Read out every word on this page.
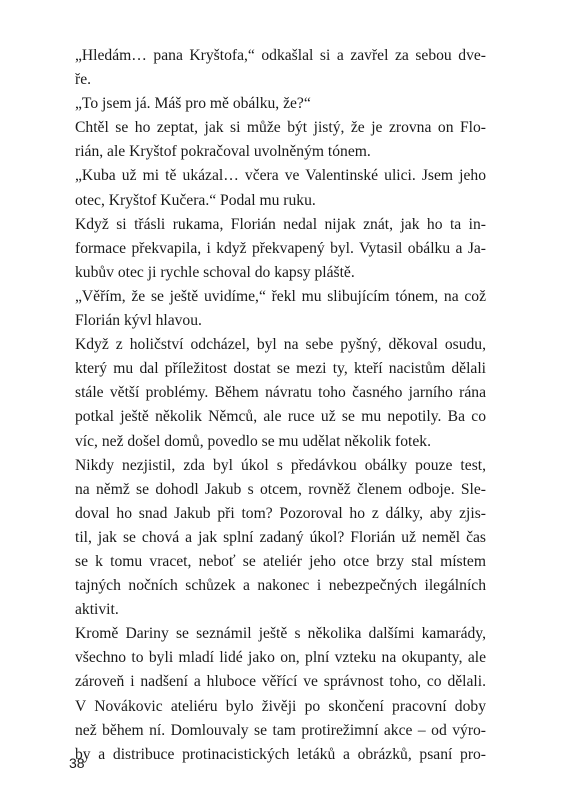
„Hledám… pana Kryštofa,“ odkašlal si a zavřel za sebou dve-
ře.
„To jsem já. Máš pro mě obálku, že?“
Chtěl se ho zeptat, jak si může být jistý, že je zrovna on Flo-
rián, ale Kryštof pokračoval uvolněným tónem.
„Kuba už mi tě ukázal… včera ve Valentinské ulici. Jsem jeho
otec, Kryštof Kučera.“ Podal mu ruku.
Když si třásli rukama, Florián nedal nijak znát, jak ho ta in-
formace překvapila, i když překvapený byl. Vytasil obálku a Ja-
kubův otec ji rychle schoval do kapsy pláště.
„Věřím, že se ještě uvidíme,“ řekl mu slibujícím tónem, na což
Florián kývl hlavou.
Když z holičství odcházel, byl na sebe pyšný, děkoval osudu,
který mu dal příležitost dostat se mezi ty, kteří nacistům dělali
stále větší problémy. Během návratu toho časného jarního rána
potkal ještě několik Němců, ale ruce už se mu nepotily. Ba co
víc, než došel domů, povedlo se mu udělat několik fotek.
Nikdy nezjistil, zda byl úkol s předávkou obálky pouze test,
na němž se dohodl Jakub s otcem, rovněž členem odboje. Sle-
doval ho snad Jakub při tom? Pozoroval ho z dálky, aby zjis-
til, jak se chová a jak splní zadaný úkol? Florián už neměl čas
se k tomu vracet, neboť se ateliér jeho otce brzy stal místem
tajných nočních schůzek a nakonec i nebezpečných ilegálních
aktivit.
Kromě Dariny se seznámil ještě s několika dalšími kamarády,
všechno to byli mladí lidé jako on, plní vzteku na okupanty, ale
zároveň i nadšení a hluboce věřící ve správnost toho, co dělali.
V Novákovic ateliéru bylo živěji po skončení pracovní doby
než během ní. Domlouvaly se tam protirežimní akce – od výro-
by a distribuce protinacistických letáků a obrázků, psaní pro-
38
